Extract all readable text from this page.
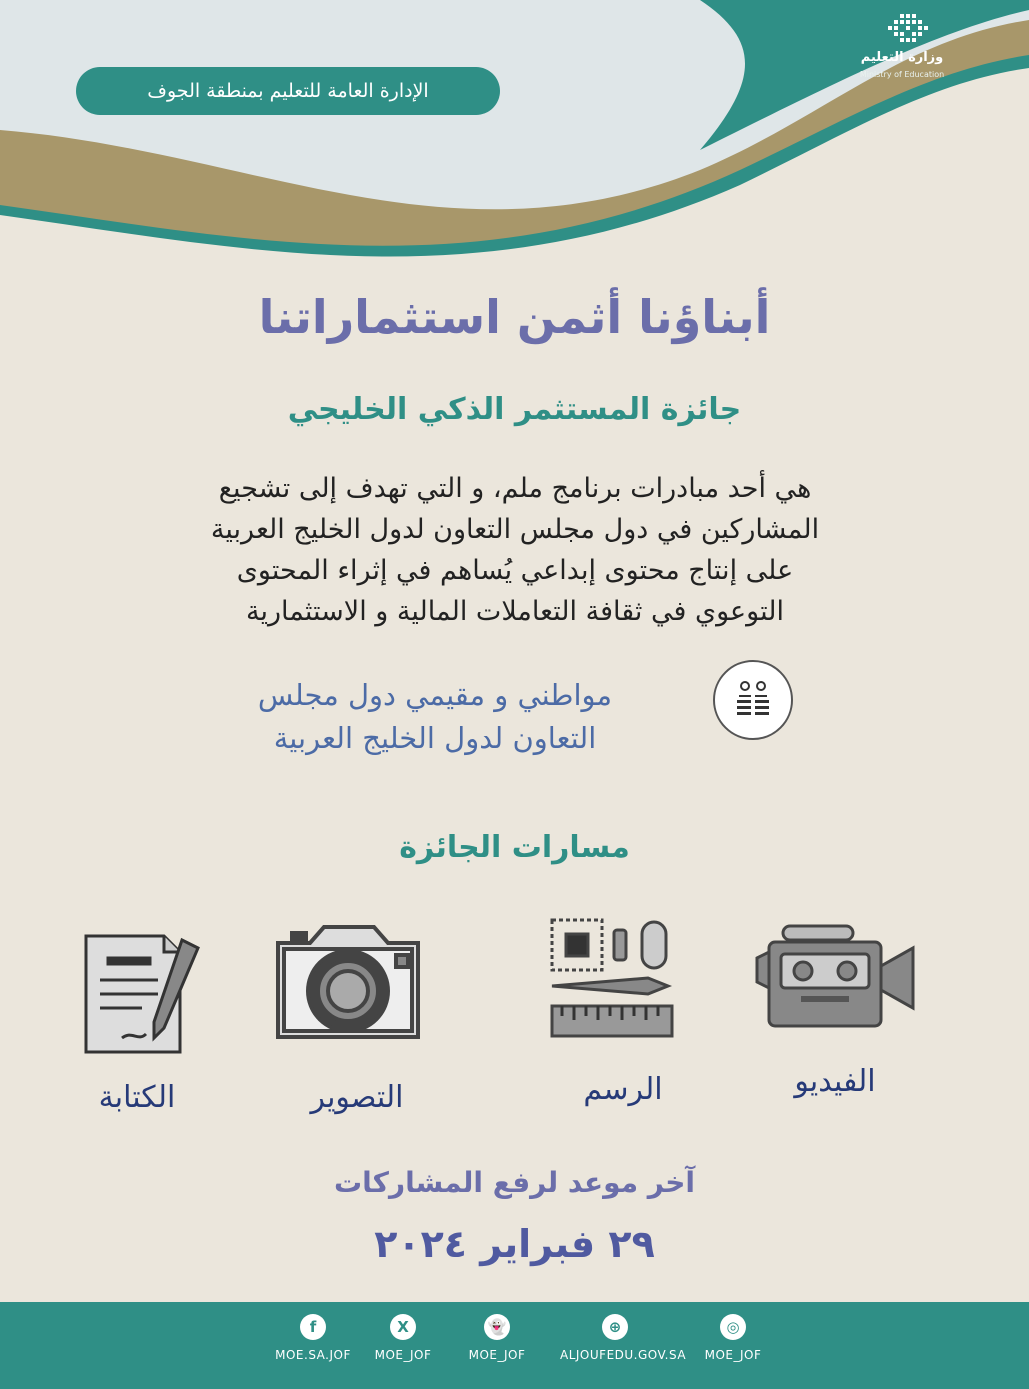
الإدارة العامة للتعليم بمنطقة الجوف
وزارة التعليم
Ministry of Education
أبناؤنا أثمن استثماراتنا
جائزة المستثمر الذكي الخليجي
هي أحد مبادرات برنامج ملم، و التي تهدف إلى تشجيع
المشاركين في دول مجلس التعاون لدول الخليج العربية
على إنتاج محتوى إبداعي يُساهم في إثراء المحتوى
التوعوي في ثقافة التعاملات المالية و الاستثمارية
مواطني و مقيمي دول مجلس
التعاون لدول الخليج العربية
مسارات الجائزة
الفيديو
الرسم
التصوير
الكتابة
آخر موعد لرفع المشاركات
٢٩ فبراير ٢٠٢٤
f
MOE.SA.JOF
X
MOE_JOF
👻
MOE_JOF
⊕
ALJOUFEDU.GOV.SA
◎
MOE_JOF
